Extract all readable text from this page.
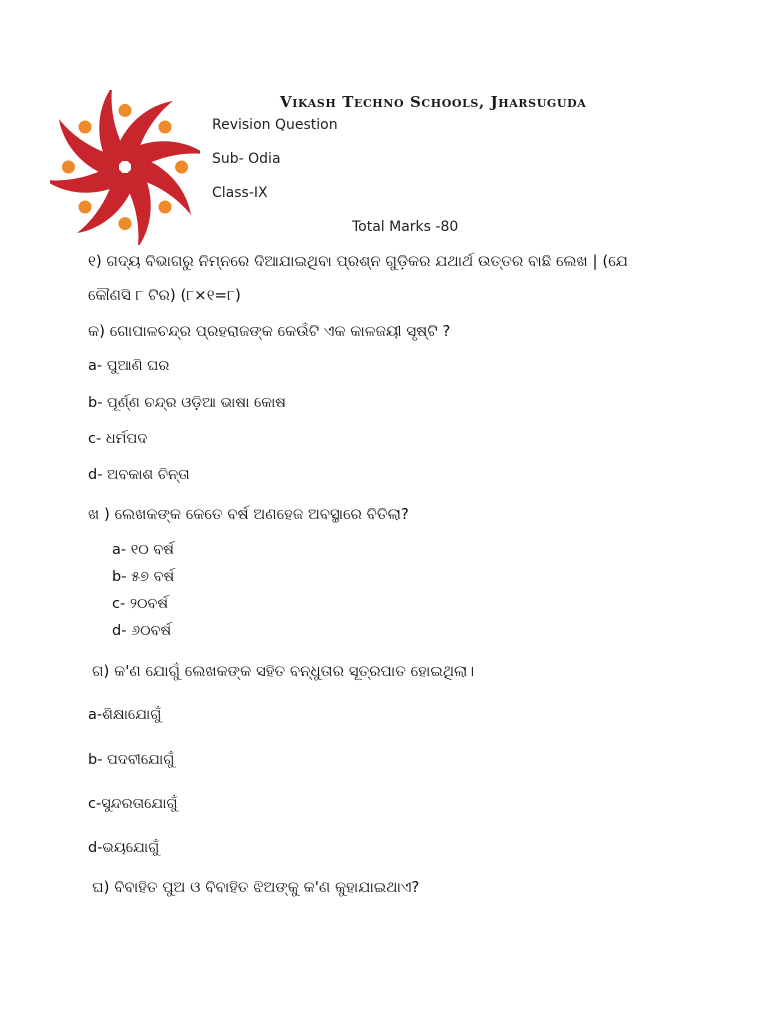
Vikash Techno Schools, Jharsuguda
Revision Question
Sub- Odia
Class-IX
Total Marks -80
୧) ଗଦ୍ୟ ବିଭାଗରୁ ନିମ୍ନରେ ଦିଆଯାଇଥିବା ପ୍ରଶ୍ନ ଗୁଡ଼ିକର ଯଥାର୍ଥ ଉତ୍ତର ବାଛି ଲେଖ | (ଯେ
କୌଣସି ୮ ଟିର) (୮×୧=୮)
କ) ଗୋପାଳଚନ୍ଦ୍ର ପ୍ରହରାଜଙ୍କ କେଉଁଟି ଏକ କାଳଜୟୀ ସୃଷ୍ଟି ?
a- ପୁଆଣି ଘର
b- ପୂର୍ଣ୍ଣ ଚନ୍ଦ୍ର ଓଡ଼ିଆ ଭାଷା କୋଷ
c- ଧର୍ମପଦ
d- ଅବକାଶ ଚିନ୍ତା
ଖ ) ଲେଖକଙ୍କ କେତେ ବର୍ଷ ଅଣହେଜ ଅବସ୍ଥାରେ ବିତିଲା?
a- ୧୦ ବର୍ଷ
b- ୫୭ ବର୍ଷ
c- ୨୦ବର୍ଷ
d- ୬୦ବର୍ଷ
ଗ) କ'ଣ ଯୋଗୁଁ ଲେଖକଙ୍କ ସହିତ ବନ୍ଧୁତାର ସୂତ୍ରପାତ ହୋଇଥିଲା।
a-ଶିକ୍ଷାଯୋଗୁଁ
b- ପଦବୀଯୋଗୁଁ
c-ସୁନ୍ଦରତାଯୋଗୁଁ
d-ଭୟଯୋଗୁଁ
ଘ) ବିବାହିତ ପୁଅ ଓ ବିବାହିତ ଝିଅଙ୍କୁ କ'ଣ କୁହାଯାଇଥାଏ?
